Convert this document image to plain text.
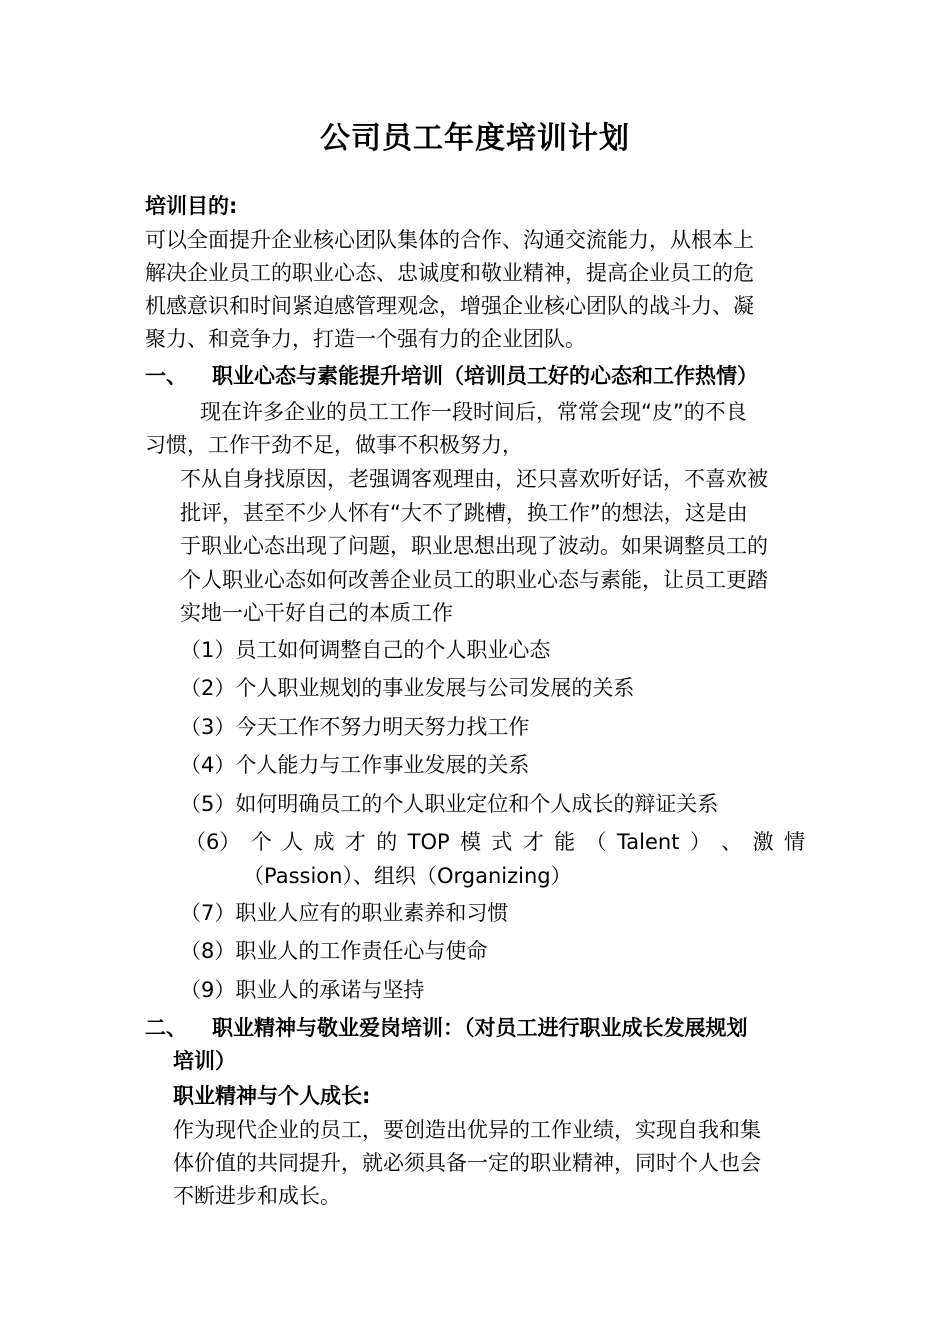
公司员工年度培训计划
培训目的:
可以全面提升企业核心团队集体的合作、沟通交流能力，从根本上
解决企业员工的职业心态、忠诚度和敬业精神，提高企业员工的危
机感意识和时间紧迫感管理观念，增强企业核心团队的战斗力、凝
聚力、和竞争力，打造一个强有力的企业团队。
一、 职业心态与素能提升培训（培训员工好的心态和工作热情）
现在许多企业的员工工作一段时间后，常常会现“皮”的不良
习惯，工作干劲不足，做事不积极努力，
不从自身找原因，老强调客观理由，还只喜欢听好话，不喜欢被
批评，甚至不少人怀有“大不了跳槽，换工作”的想法，这是由
于职业心态出现了问题，职业思想出现了波动。如果调整员工的
个人职业心态如何改善企业员工的职业心态与素能，让员工更踏
实地一心干好自己的本质工作
（1）员工如何调整自己的个人职业心态
（2）个人职业规划的事业发展与公司发展的关系
（3）今天工作不努力明天努力找工作
（4）个人能力与工作事业发展的关系
（5）如何明确员工的个人职业定位和个人成长的辩证关系
（6） 个 人 成 才 的 TOP 模 式 才 能 （ Talent ） 、 激 情
（Passion）、组织（Organizing）
（7）职业人应有的职业素养和习惯
（8）职业人的工作责任心与使命
（9）职业人的承诺与坚持
二、 职业精神与敬业爱岗培训：（对员工进行职业成长发展规划
培训）
职业精神与个人成长:
作为现代企业的员工，要创造出优异的工作业绩，实现自我和集
体价值的共同提升，就必须具备一定的职业精神，同时个人也会
不断进步和成长。
